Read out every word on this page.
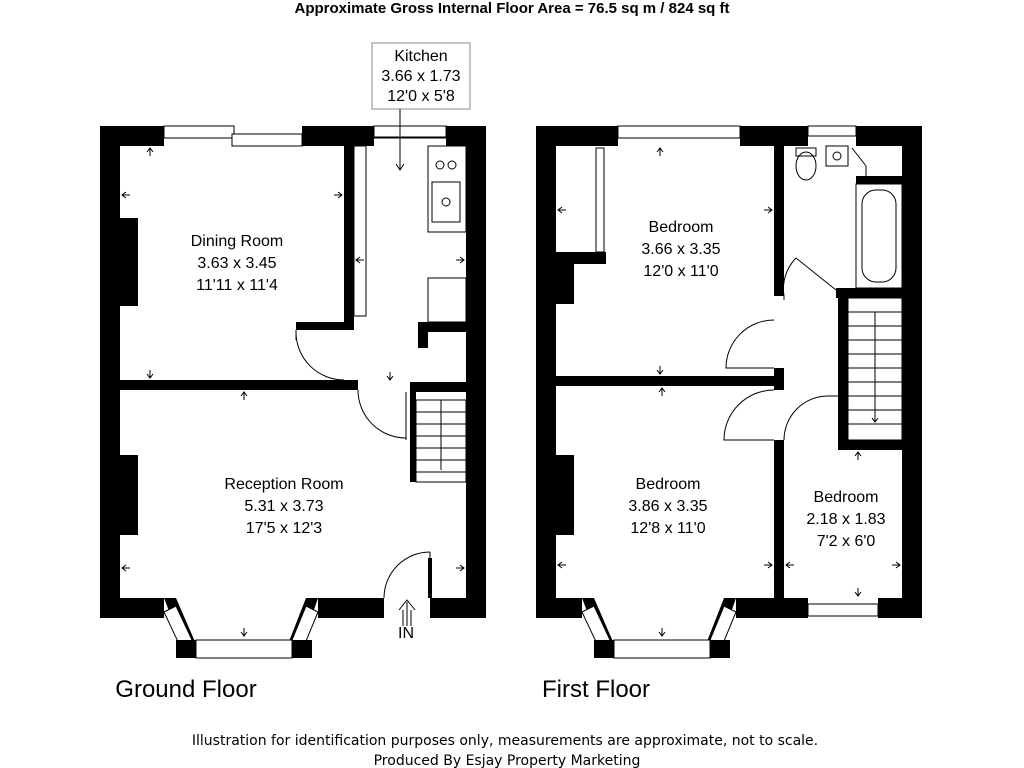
Approximate Gross Internal Floor Area = 76.5 sq m / 824 sq ft
Kitchen
3.66 x 1.73
12'0 x 5'8
Dining Room
3.63 x 3.45
11'11 x 11'4
Reception Room
5.31 x 3.73
17'5 x 12'3
IN
Ground Floor
Bedroom
3.66 x 3.35
12'0 x 11'0
Bedroom
3.86 x 3.35
12'8 x 11'0
Bedroom
2.18 x 1.83
7'2 x 6'0
First Floor
Illustration for identification purposes only, measurements are approximate, not to scale.
Produced By Esjay Property Marketing
